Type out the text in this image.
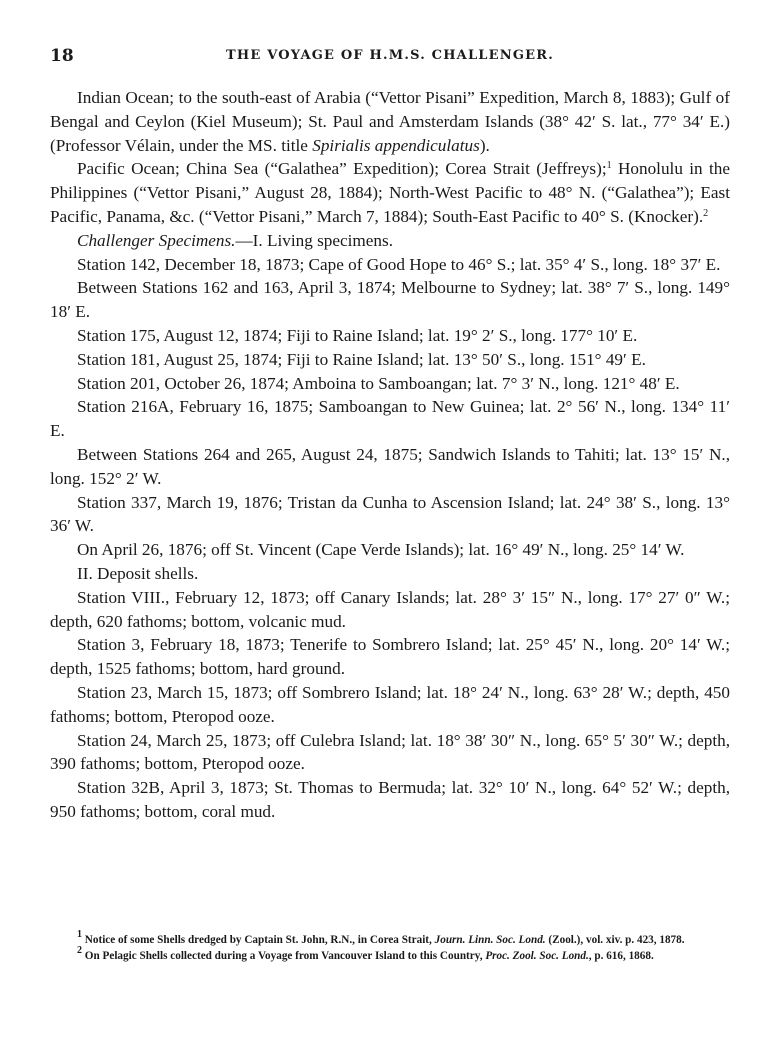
18	THE VOYAGE OF H.M.S. CHALLENGER.

Indian Ocean; to the south-east of Arabia (“Vettor Pisani” Expedition, March 8, 1883); Gulf of Bengal and Ceylon (Kiel Museum); St. Paul and Amsterdam Islands (38° 42′ S. lat., 77° 34′ E.) (Professor Vélain, under the MS. title Spirialis appendiculatus).

Pacific Ocean; China Sea (“Galathea” Expedition); Corea Strait (Jeffreys);$^1$ Honolulu in the Philippines (“Vettor Pisani,” August 28, 1884); North-West Pacific to 48° N. (“Galathea”); East Pacific, Panama, &c. (“Vettor Pisani,” March 7, 1884); South-East Pacific to 40° S. (Knocker).$^2$

Challenger Specimens.—I. Living specimens.

Station 142, December 18, 1873; Cape of Good Hope to 46° S.; lat. 35° 4′ S., long. 18° 37′ E.

Between Stations 162 and 163, April 3, 1874; Melbourne to Sydney; lat. 38° 7′ S., long. 149° 18′ E.

Station 175, August 12, 1874; Fiji to Raine Island; lat. 19° 2′ S., long. 177° 10′ E.

Station 181, August 25, 1874; Fiji to Raine Island; lat. 13° 50′ S., long. 151° 49′ E.

Station 201, October 26, 1874; Amboina to Samboangan; lat. 7° 3′ N., long. 121° 48′ E.

Station 216A, February 16, 1875; Samboangan to New Guinea; lat. 2° 56′ N., long. 134° 11′ E.

Between Stations 264 and 265, August 24, 1875; Sandwich Islands to Tahiti; lat. 13° 15′ N., long. 152° 2′ W.

Station 337, March 19, 1876; Tristan da Cunha to Ascension Island; lat. 24° 38′ S., long. 13° 36′ W.

On April 26, 1876; off St. Vincent (Cape Verde Islands); lat. 16° 49′ N., long. 25° 14′ W.

II. Deposit shells.

Station VIII., February 12, 1873; off Canary Islands; lat. 28° 3′ 15″ N., long. 17° 27′ 0″ W.; depth, 620 fathoms; bottom, volcanic mud.

Station 3, February 18, 1873; Tenerife to Sombrero Island; lat. 25° 45′ N., long. 20° 14′ W.; depth, 1525 fathoms; bottom, hard ground.

Station 23, March 15, 1873; off Sombrero Island; lat. 18° 24′ N., long. 63° 28′ W.; depth, 450 fathoms; bottom, Pteropod ooze.

Station 24, March 25, 1873; off Culebra Island; lat. 18° 38′ 30″ N., long. 65° 5′ 30″ W.; depth, 390 fathoms; bottom, Pteropod ooze.

Station 32B, April 3, 1873; St. Thomas to Bermuda; lat. 32° 10′ N., long. 64° 52′ W.; depth, 950 fathoms; bottom, coral mud.

1 Notice of some Shells dredged by Captain St. John, R.N., in Corea Strait, Journ. Linn. Soc. Lond. (Zool.), vol. xiv. p. 423, 1878.

2 On Pelagic Shells collected during a Voyage from Vancouver Island to this Country, Proc. Zool. Soc. Lond., p. 616, 1868.
